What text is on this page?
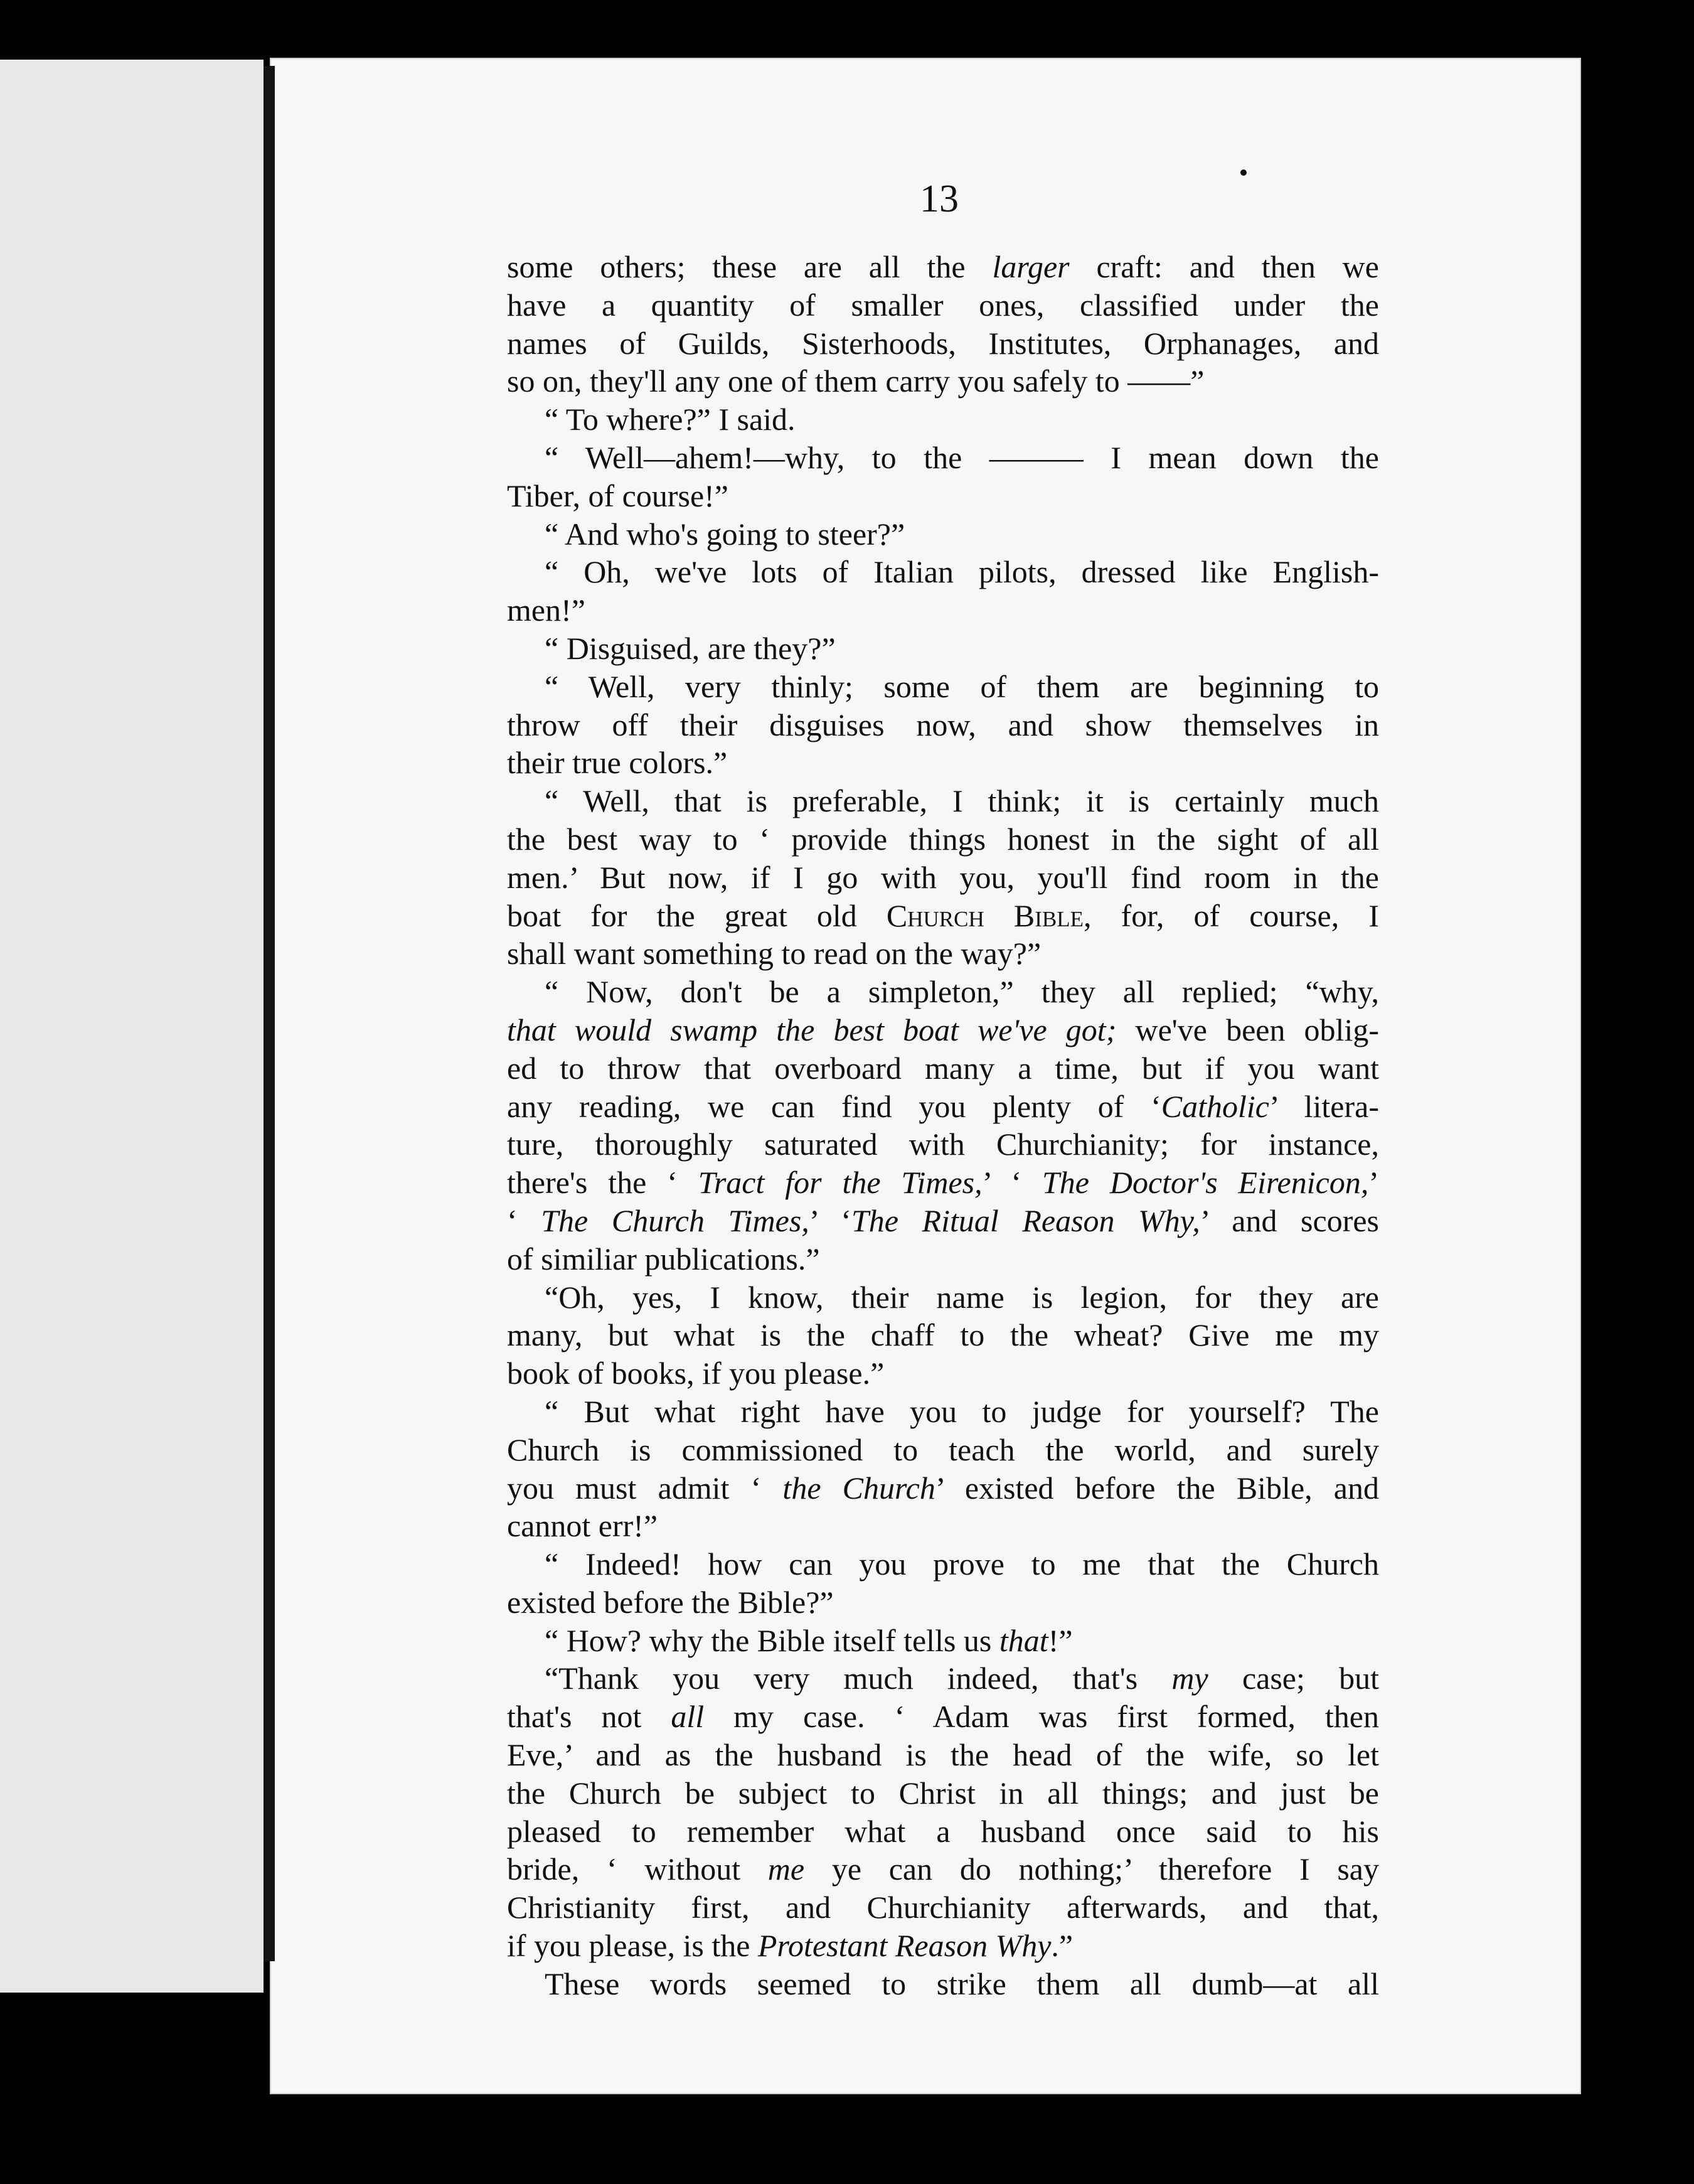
13
some others; these are all the larger craft: and then we
have a quantity of smaller ones, classified under the
names of Guilds, Sisterhoods, Institutes, Orphanages, and
so on, they'll any one of them carry you safely to ——”
“ To where?” I said.
“ Well—ahem!—why, to the ——— I mean down the
Tiber, of course!”
“ And who's going to steer?”
“ Oh, we've lots of Italian pilots, dressed like English-
men!”
“ Disguised, are they?”
“ Well, very thinly; some of them are beginning to
throw off their disguises now, and show themselves in
their true colors.”
“ Well, that is preferable, I think; it is certainly much
the best way to ‘ provide things honest in the sight of all
men.’ But now, if I go with you, you'll find room in the
boat for the great old Church Bible, for, of course, I
shall want something to read on the way?”
“ Now, don't be a simpleton,” they all replied; “why,
that would swamp the best boat we've got; we've been oblig-
ed to throw that overboard many a time, but if you want
any reading, we can find you plenty of ‘Catholic’ litera-
ture, thoroughly saturated with Churchianity; for instance,
there's the ‘ Tract for the Times,’ ‘ The Doctor's Eirenicon,’
‘ The Church Times,’ ‘The Ritual Reason Why,’ and scores
of similiar publications.”
“Oh, yes, I know, their name is legion, for they are
many, but what is the chaff to the wheat? Give me my
book of books, if you please.”
“ But what right have you to judge for yourself? The
Church is commissioned to teach the world, and surely
you must admit ‘ the Church’ existed before the Bible, and
cannot err!”
“ Indeed! how can you prove to me that the Church
existed before the Bible?”
“ How? why the Bible itself tells us that!”
“Thank you very much indeed, that's my case; but
that's not all my case. ‘ Adam was first formed, then
Eve,’ and as the husband is the head of the wife, so let
the Church be subject to Christ in all things; and just be
pleased to remember what a husband once said to his
bride, ‘ without me ye can do nothing;’ therefore I say
Christianity first, and Churchianity afterwards, and that,
if you please, is the Protestant Reason Why.”
These words seemed to strike them all dumb—at all
